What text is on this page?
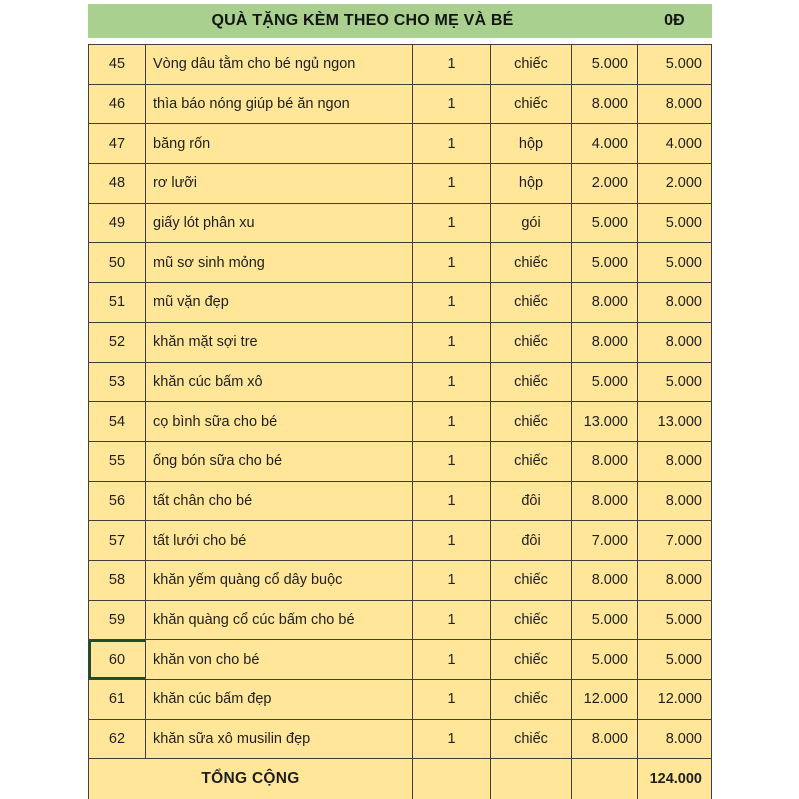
QUÀ TẶNG KÈM THEO CHO MẸ VÀ BÉ	0Đ
45	Vòng dâu tằm cho bé ngủ ngon	1	chiếc	5.000	5.000
46	thìa báo nóng giúp bé ăn ngon	1	chiếc	8.000	8.000
47	băng rốn	1	hộp	4.000	4.000
48	rơ lưỡi	1	hộp	2.000	2.000
49	giấy lót phân xu	1	gói	5.000	5.000
50	mũ sơ sinh mỏng	1	chiếc	5.000	5.000
51	mũ vặn đẹp	1	chiếc	8.000	8.000
52	khăn mặt sợi tre	1	chiếc	8.000	8.000
53	khăn cúc bấm xô	1	chiếc	5.000	5.000
54	cọ bình sữa cho bé	1	chiếc	13.000	13.000
55	ống bón sữa cho bé	1	chiếc	8.000	8.000
56	tất chân cho bé	1	đôi	8.000	8.000
57	tất lưới cho bé	1	đôi	7.000	7.000
58	khăn yếm quàng cổ dây buộc	1	chiếc	8.000	8.000
59	khăn quàng cổ cúc bấm cho bé	1	chiếc	5.000	5.000
60	khăn von cho bé	1	chiếc	5.000	5.000
61	khăn cúc bấm đẹp	1	chiếc	12.000	12.000
62	khăn sữa xô musilin đẹp	1	chiếc	8.000	8.000
TỔNG CỘNG	124.000
